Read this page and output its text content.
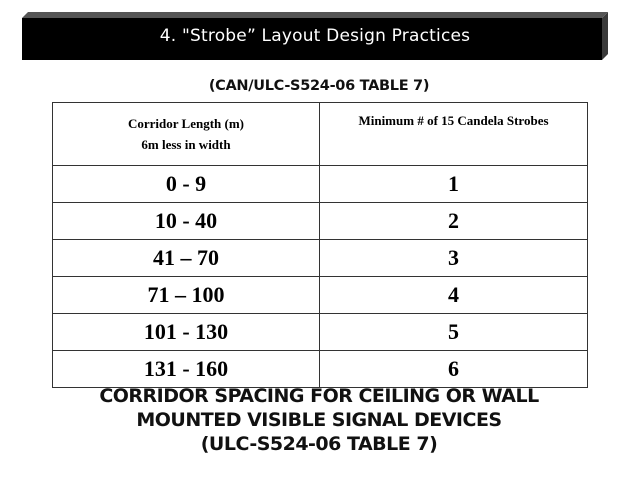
4. "Strobe” Layout Design Practices
(CAN/ULC-S524-06 TABLE 7)
Corridor Length (m)
6m less in width	Minimum # of 15 Candela Strobes
0 - 9	1
10 - 40	2
41 – 70	3
71 – 100	4
101 - 130	5
131 - 160	6
CORRIDOR SPACING FOR CEILING OR WALL
MOUNTED VISIBLE SIGNAL DEVICES
(ULC-S524-06 TABLE 7)
